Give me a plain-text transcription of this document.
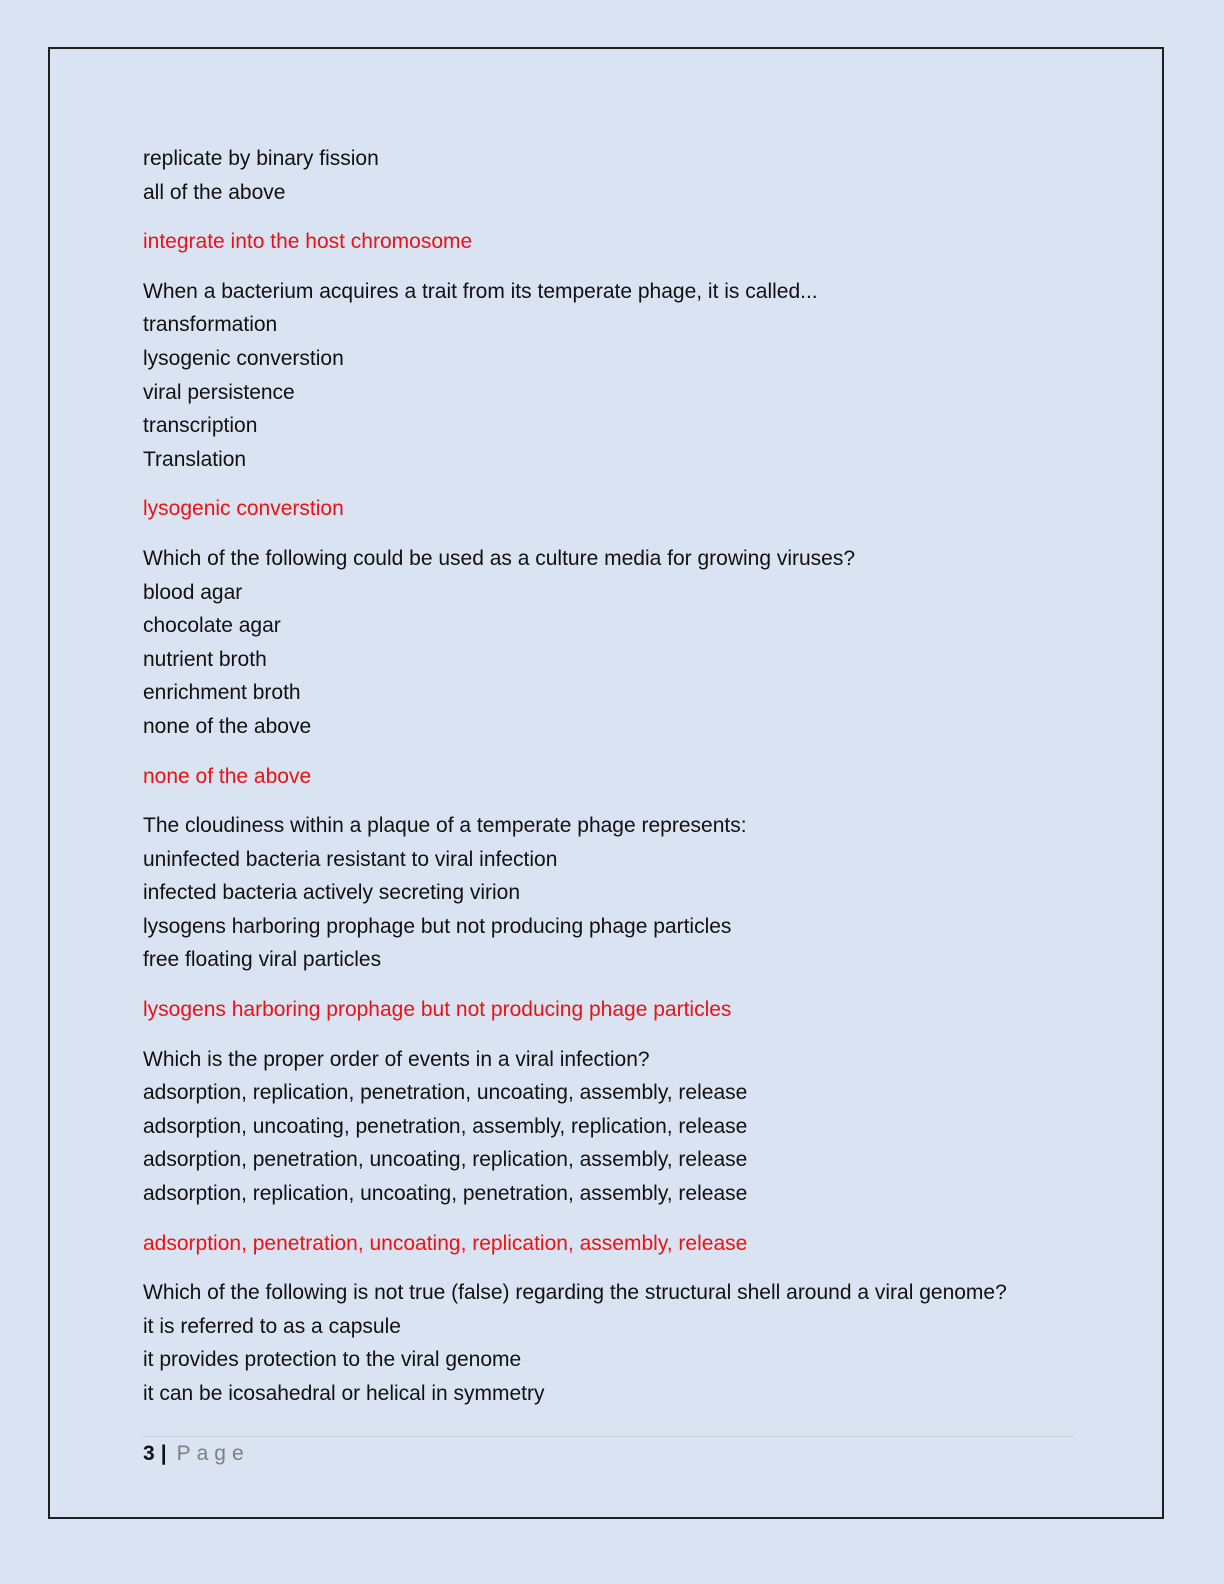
replicate by binary fission
all of the above
integrate into the host chromosome
When a bacterium acquires a trait from its temperate phage, it is called...
transformation
lysogenic converstion
viral persistence
transcription
Translation
lysogenic converstion
Which of the following could be used as a culture media for growing viruses?
blood agar
chocolate agar
nutrient broth
enrichment broth
none of the above
none of the above
The cloudiness within a plaque of a temperate phage represents:
uninfected bacteria resistant to viral infection
infected bacteria actively secreting virion
lysogens harboring prophage but not producing phage particles
free floating viral particles
lysogens harboring prophage but not producing phage particles
Which is the proper order of events in a viral infection?
adsorption, replication, penetration, uncoating, assembly, release
adsorption, uncoating, penetration, assembly, replication, release
adsorption, penetration, uncoating, replication, assembly, release
adsorption, replication, uncoating, penetration, assembly, release
adsorption, penetration, uncoating, replication, assembly, release
Which of the following is not true (false) regarding the structural shell around a viral genome?
it is referred to as a capsule
it provides protection to the viral genome
it can be icosahedral or helical in symmetry
3 | Page
